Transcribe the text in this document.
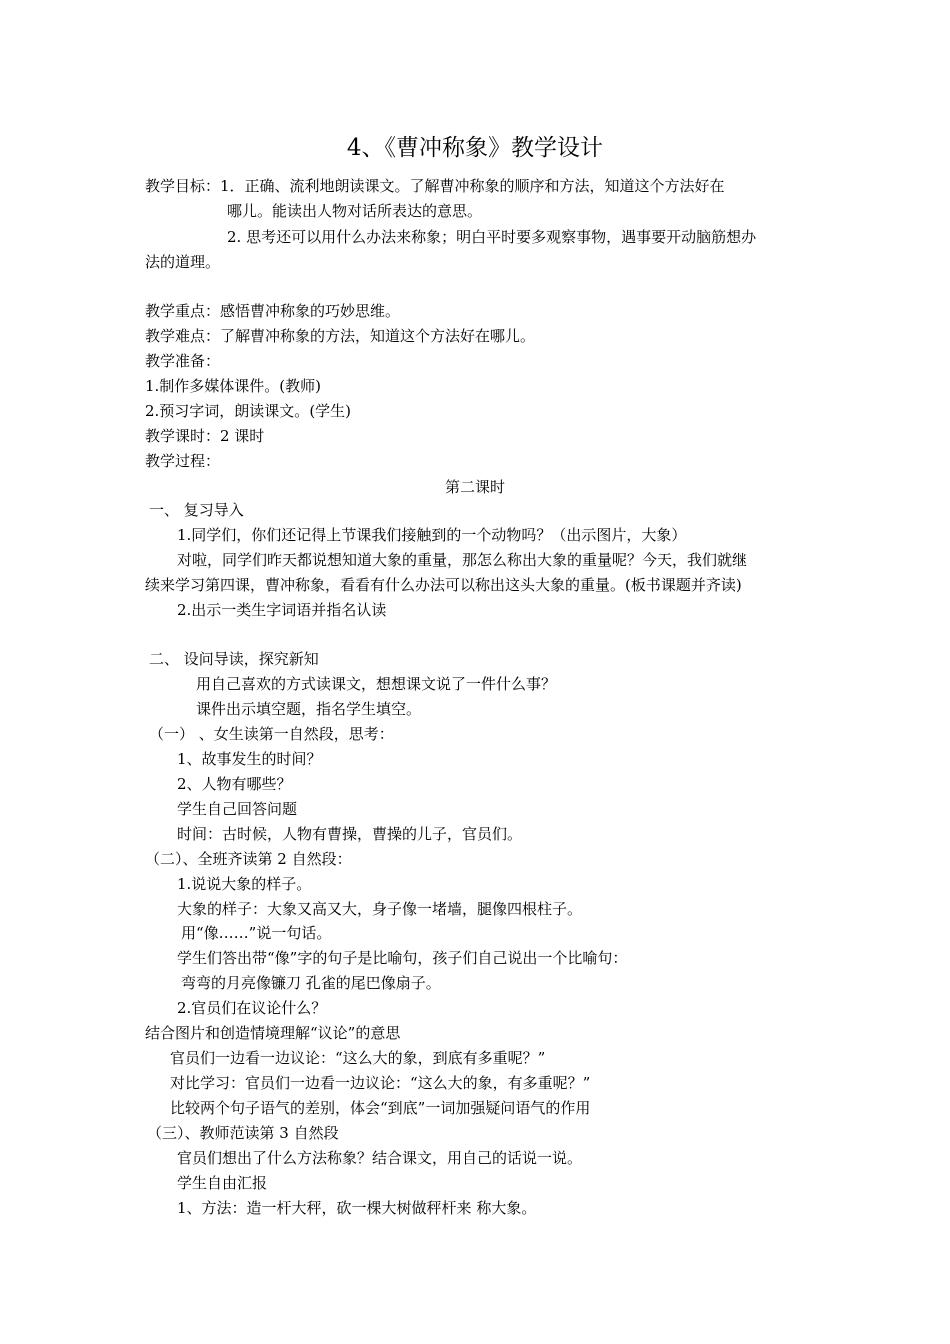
4、《曹冲称象》教学设计
教学目标：1．正确、流利地朗读课文。了解曹冲称象的顺序和方法，知道这个方法好在
哪儿。能读出人物对话所表达的意思。
2. 思考还可以用什么办法来称象；明白平时要多观察事物，遇事要开动脑筋想办
法的道理。
教学重点：感悟曹冲称象的巧妙思维。
教学难点：了解曹冲称象的方法，知道这个方法好在哪儿。
教学准备：
1.制作多媒体课件。(教师)
2.预习字词，朗读课文。(学生)
教学课时：2 课时
教学过程：
第二课时
一、 复习导入
1.同学们，你们还记得上节课我们接触到的一个动物吗？（出示图片，大象）
对啦，同学们昨天都说想知道大象的重量，那怎么称出大象的重量呢？今天，我们就继
续来学习第四课，曹冲称象，看看有什么办法可以称出这头大象的重量。(板书课题并齐读)
2.出示一类生字词语并指名认读
二、 设问导读，探究新知
用自己喜欢的方式读课文，想想课文说了一件什么事？
课件出示填空题，指名学生填空。
（一） 、女生读第一自然段，思考：
1、故事发生的时间？
2、人物有哪些？
学生自己回答问题
时间：古时候，人物有曹操，曹操的儿子，官员们。
（二）、全班齐读第 2 自然段：
1.说说大象的样子。
大象的样子：大象又高又大，身子像一堵墙，腿像四根柱子。
用“像……”说一句话。
学生们答出带“像”字的句子是比喻句，孩子们自己说出一个比喻句：
弯弯的月亮像镰刀 孔雀的尾巴像扇子。
2.官员们在议论什么？
结合图片和创造情境理解“议论”的意思
官员们一边看一边议论：“这么大的象，到底有多重呢？”
对比学习：官员们一边看一边议论：“这么大的象，有多重呢？”
比较两个句子语气的差别，体会“到底”一词加强疑问语气的作用
（三）、教师范读第 3 自然段
官员们想出了什么方法称象？结合课文，用自己的话说一说。
学生自由汇报
1、方法：造一杆大秤，砍一棵大树做秤杆来 称大象。
